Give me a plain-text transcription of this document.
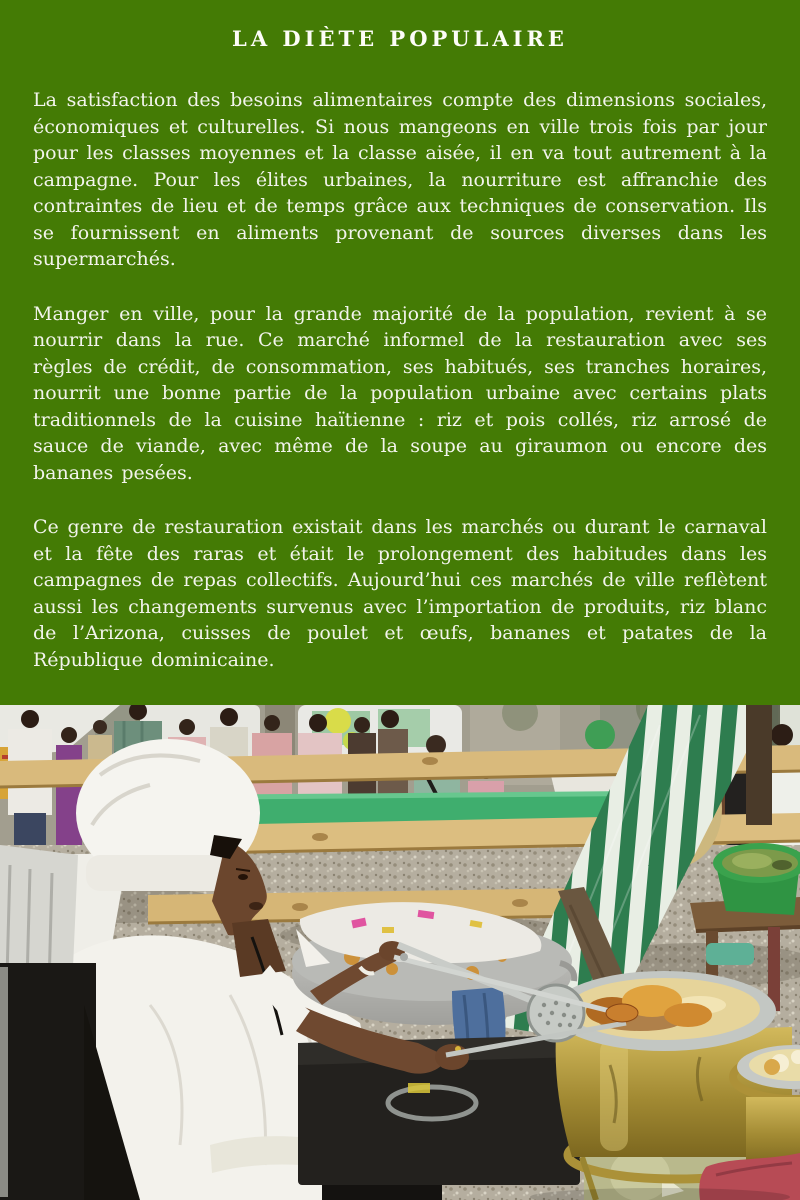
LA DIÈTE POPULAIRE

La satisfaction des besoins alimentaires compte des dimensions sociales, économiques et culturelles. Si nous mangeons en ville trois fois par jour pour les classes moyennes et la classe aisée, il en va tout autrement à la campagne. Pour les élites urbaines, la nourriture est affranchie des contraintes de lieu et de temps grâce aux techniques de conservation. Ils se fournissent en aliments provenant de sources diverses dans les supermarchés.

Manger en ville, pour la grande majorité de la population, revient à se nourrir dans la rue. Ce marché informel de la restauration avec ses règles de crédit, de consommation, ses habitués, ses tranches horaires, nourrit une bonne partie de la population urbaine avec certains plats traditionnels de la cuisine haïtienne : riz et pois collés, riz arrosé de sauce de viande, avec même de la soupe au giraumon ou encore des bananes pesées.

Ce genre de restauration existait dans les marchés ou durant le carnaval et la fête des raras et était le prolongement des habitudes dans les campagnes de repas collectifs. Aujourd’hui ces marchés de ville reflètent aussi les changements survenus avec l’importation de produits, riz blanc de l’Arizona, cuisses de poulet et œufs, bananes et patates de la République dominicaine.
